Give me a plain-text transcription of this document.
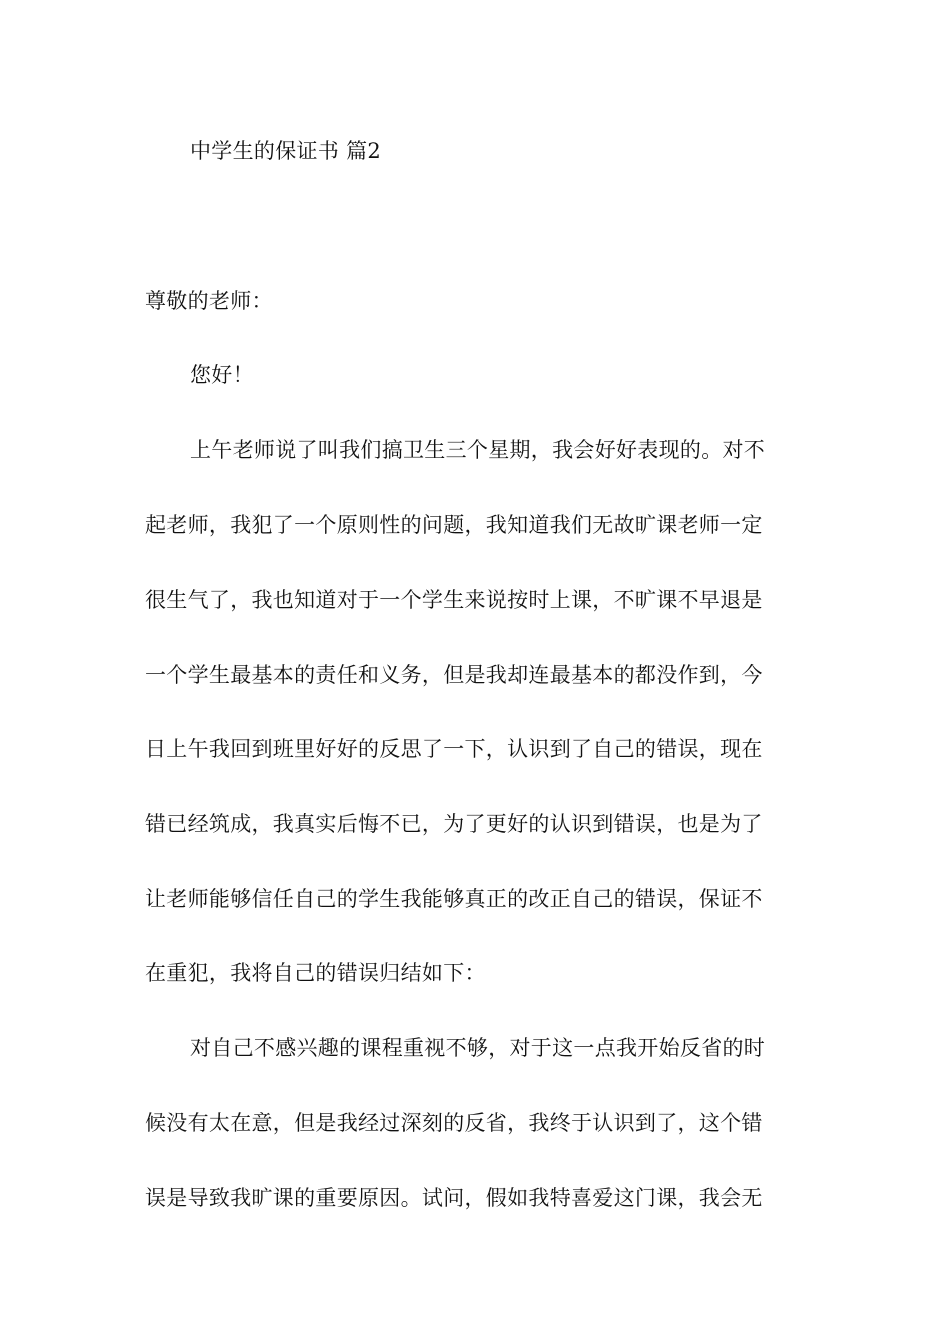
中学生的保证书 篇2
尊敬的老师：
您好！
上午老师说了叫我们搞卫生三个星期，我会好好表现的。对不
起老师，我犯了一个原则性的问题，我知道我们无故旷课老师一定
很生气了，我也知道对于一个学生来说按时上课，不旷课不早退是
一个学生最基本的责任和义务，但是我却连最基本的都没作到，今
日上午我回到班里好好的反思了一下，认识到了自己的错误，现在
错已经筑成，我真实后悔不已，为了更好的认识到错误，也是为了
让老师能够信任自己的学生我能够真正的改正自己的错误，保证不
在重犯，我将自己的错误归结如下：
对自己不感兴趣的课程重视不够，对于这一点我开始反省的时
候没有太在意，但是我经过深刻的反省，我终于认识到了，这个错
误是导致我旷课的重要原因。试问，假如我特喜爱这门课，我会无
